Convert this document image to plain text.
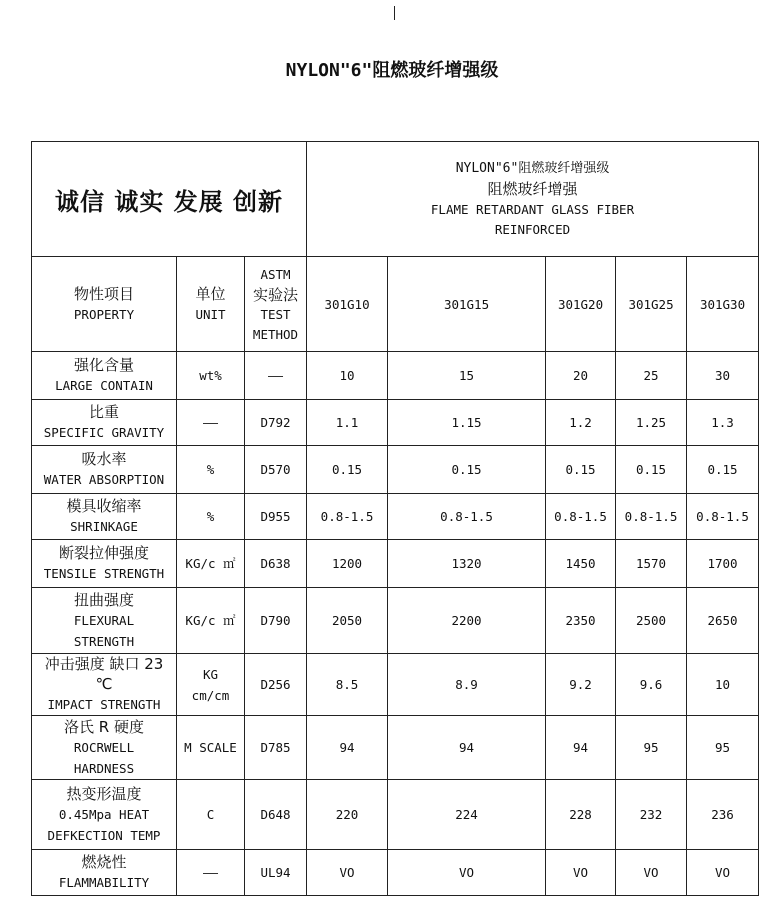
NYLON"6"阻燃玻纤增强级
诚信 诚实 发展 创新			NYLON"6"阻燃玻纤增强级
阻燃玻纤增强
FLAME RETARDANT GLASS FIBER
REINFORCED				

物性项目
PROPERTY	单位
UNIT	ASTM
实验法
TEST
METHOD	301G10	301G15	301G20	301G25	301G30

强化含量
LARGE CONTAIN	wt%	——	10	15	20	25	30

比重
SPECIFIC GRAVITY	——	D792	1.1	1.15	1.2	1.25	1.3

吸水率
WATER ABSORPTION	%	D570	0.15	0.15	0.15	0.15	0.15

模具收缩率
SHRINKAGE	%	D955	0.8-1.5	0.8-1.5	0.8-1.5	0.8-1.5	0.8-1.5

断裂拉伸强度
TENSILE STRENGTH	KG/c ㎡	D638	1200	1320	1450	1570	1700

扭曲强度
FLEXURAL
STRENGTH	KG/c ㎡	D790	2050	2200	2350	2500	2650

冲击强度 缺口 23 ℃
IMPACT STRENGTH	KG
cm/cm	D256	8.5	8.9	9.2	9.6	10

洛氏 R 硬度
ROCRWELL
HARDNESS	M SCALE	D785	94	94	94	95	95

热变形温度
0.45Mpa HEAT
DEFKECTION TEMP	C	D648	220	224	228	232	236

燃烧性
FLAMMABILITY	——	UL94	VO	VO	VO	VO	VO
